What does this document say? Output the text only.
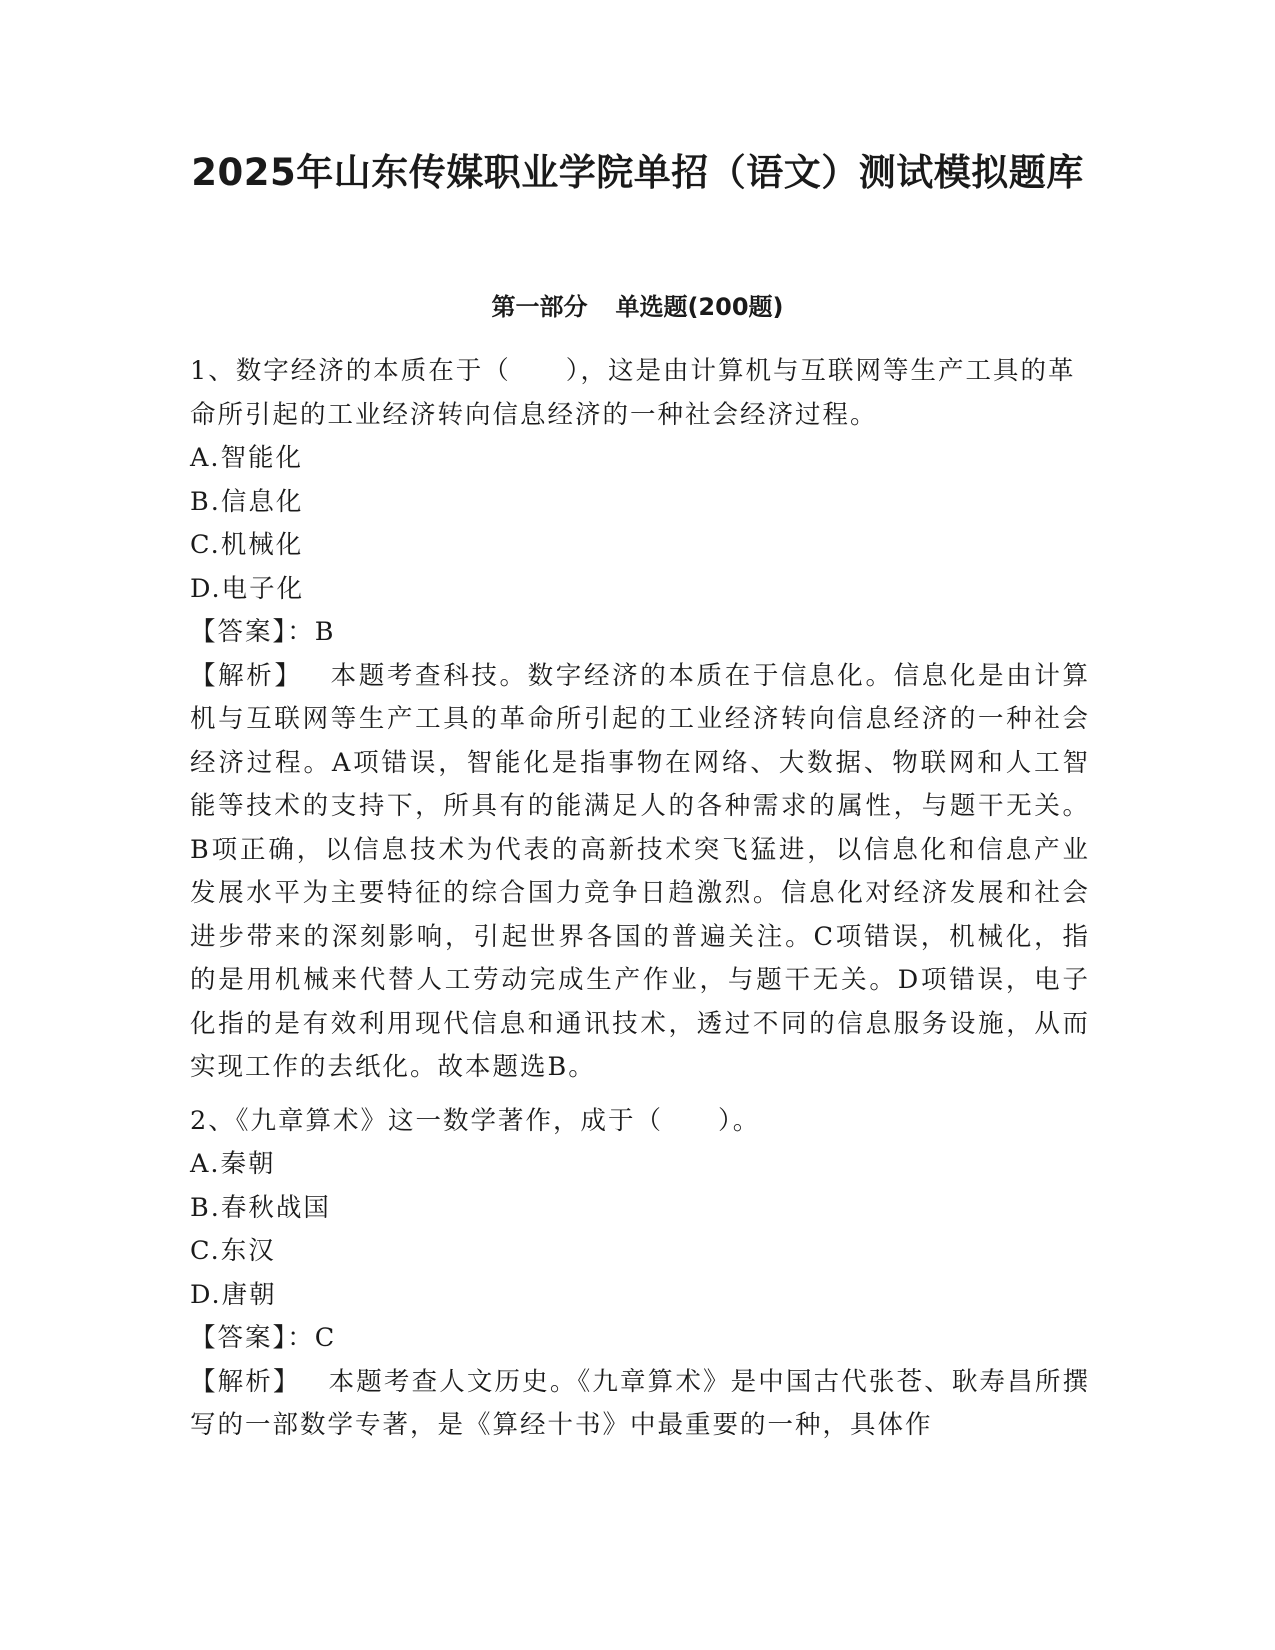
2025年山东传媒职业学院单招（语文）测试模拟题库
第一部分 单选题(200题)

1、数字经济的本质在于（　　），这是由计算机与互联网等生产工具的革命所引起的工业经济转向信息经济的一种社会经济过程。

A.智能化

B.信息化

C.机械化

D.电子化

【答案】：B

【解析】 本题考查科技。数字经济的本质在于信息化。信息化是由计算机与互联网等生产工具的革命所引起的工业经济转向信息经济的一种社会经济过程。A项错误，智能化是指事物在网络、大数据、物联网和人工智能等技术的支持下，所具有的能满足人的各种需求的属性，与题干无关。B项正确，以信息技术为代表的高新技术突飞猛进，以信息化和信息产业发展水平为主要特征的综合国力竞争日趋激烈。信息化对经济发展和社会进步带来的深刻影响，引起世界各国的普遍关注。C项错误，机械化，指的是用机械来代替人工劳动完成生产作业，与题干无关。D项错误，电子化指的是有效利用现代信息和通讯技术，透过不同的信息服务设施，从而实现工作的去纸化。故本题选B。

2、《九章算术》这一数学著作，成于（　　）。

A.秦朝

B.春秋战国

C.东汉

D.唐朝

【答案】：C

【解析】 本题考查人文历史。《九章算术》是中国古代张苍、耿寿昌所撰写的一部数学专著，是《算经十书》中最重要的一种，具体作
